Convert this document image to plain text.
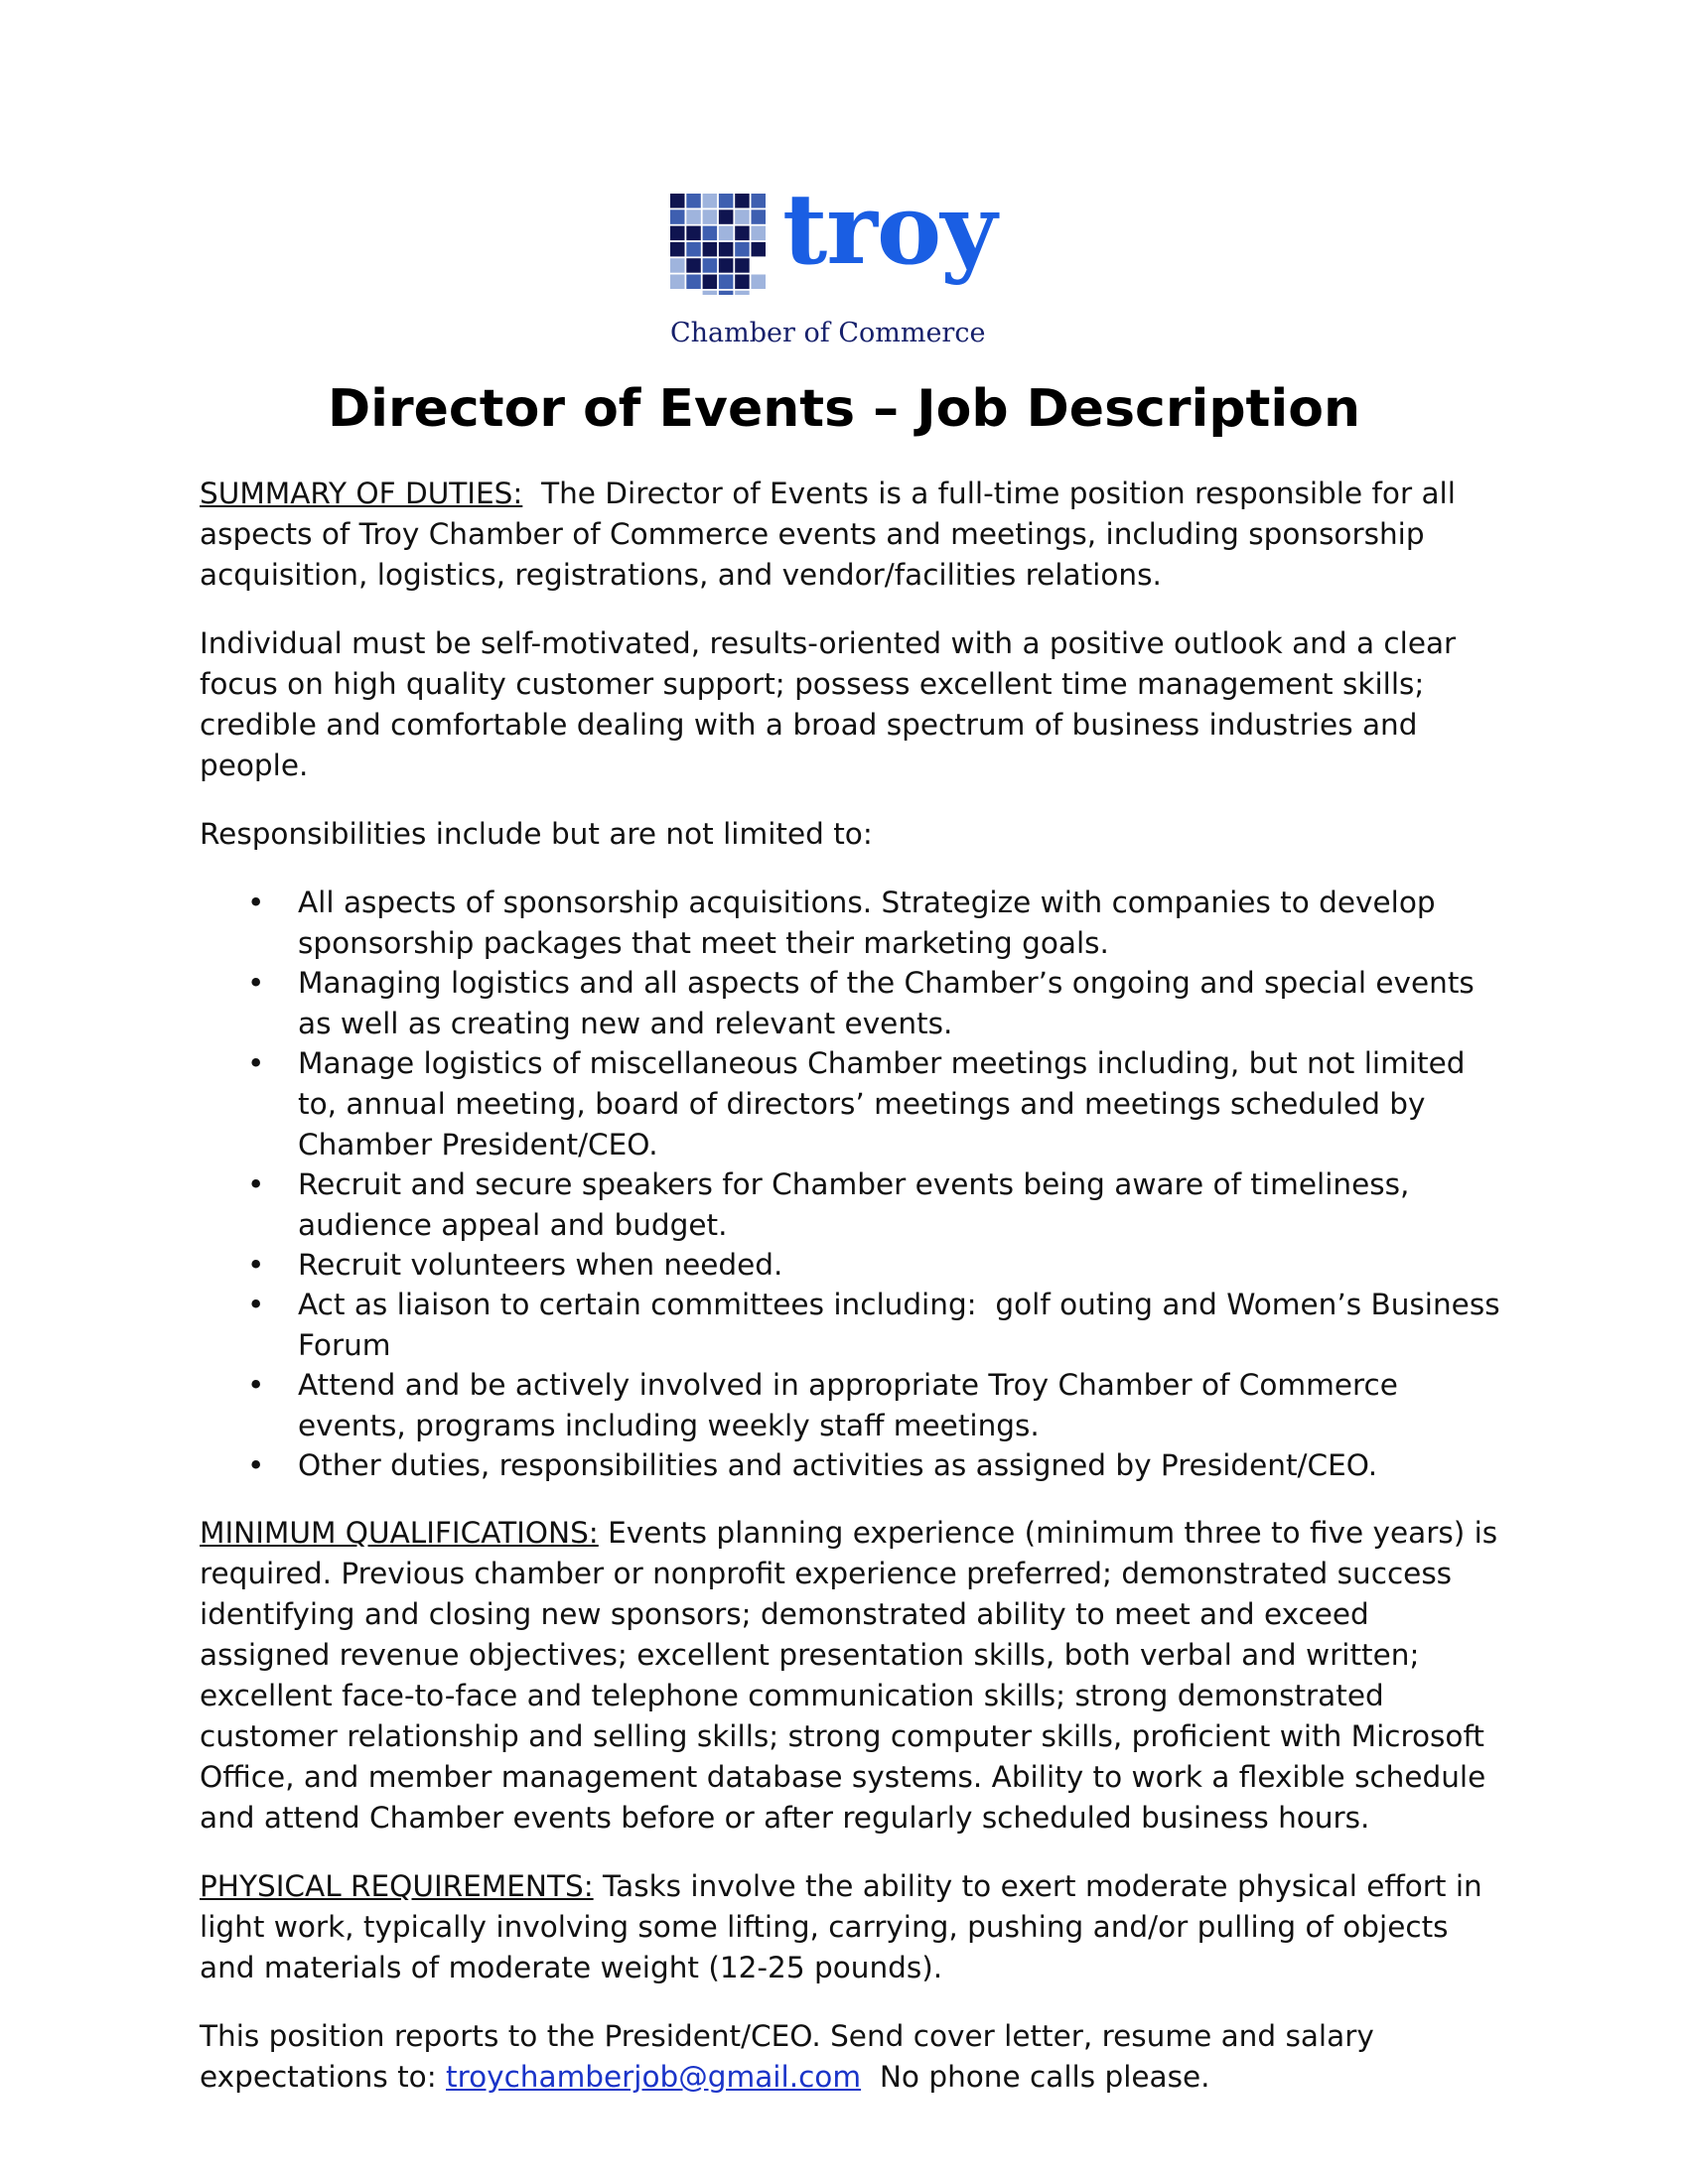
troy
Chamber of Commerce
Director of Events – Job Description

SUMMARY OF DUTIES:  The Director of Events is a full-time position responsible for all aspects of Troy Chamber of Commerce events and meetings, including sponsorship acquisition, logistics, registrations, and vendor/facilities relations.

Individual must be self-motivated, results-oriented with a positive outlook and a clear focus on high quality customer support; possess excellent time management skills; credible and comfortable dealing with a broad spectrum of business industries and people.

Responsibilities include but are not limited to:

• All aspects of sponsorship acquisitions. Strategize with companies to develop sponsorship packages that meet their marketing goals.
• Managing logistics and all aspects of the Chamber’s ongoing and special events as well as creating new and relevant events.
• Manage logistics of miscellaneous Chamber meetings including, but not limited to, annual meeting, board of directors’ meetings and meetings scheduled by Chamber President/CEO.
• Recruit and secure speakers for Chamber events being aware of timeliness, audience appeal and budget.
• Recruit volunteers when needed.
• Act as liaison to certain committees including:  golf outing and Women’s Business Forum
• Attend and be actively involved in appropriate Troy Chamber of Commerce events, programs including weekly staff meetings.
• Other duties, responsibilities and activities as assigned by President/CEO.

MINIMUM QUALIFICATIONS: Events planning experience (minimum three to five years) is required. Previous chamber or nonprofit experience preferred; demonstrated success identifying and closing new sponsors; demonstrated ability to meet and exceed assigned revenue objectives; excellent presentation skills, both verbal and written; excellent face-to-face and telephone communication skills; strong demonstrated customer relationship and selling skills; strong computer skills, proficient with Microsoft Office, and member management database systems. Ability to work a flexible schedule and attend Chamber events before or after regularly scheduled business hours.

PHYSICAL REQUIREMENTS: Tasks involve the ability to exert moderate physical effort in light work, typically involving some lifting, carrying, pushing and/or pulling of objects and materials of moderate weight (12-25 pounds).

This position reports to the President/CEO. Send cover letter, resume and salary expectations to: troychamberjob@gmail.com  No phone calls please.
